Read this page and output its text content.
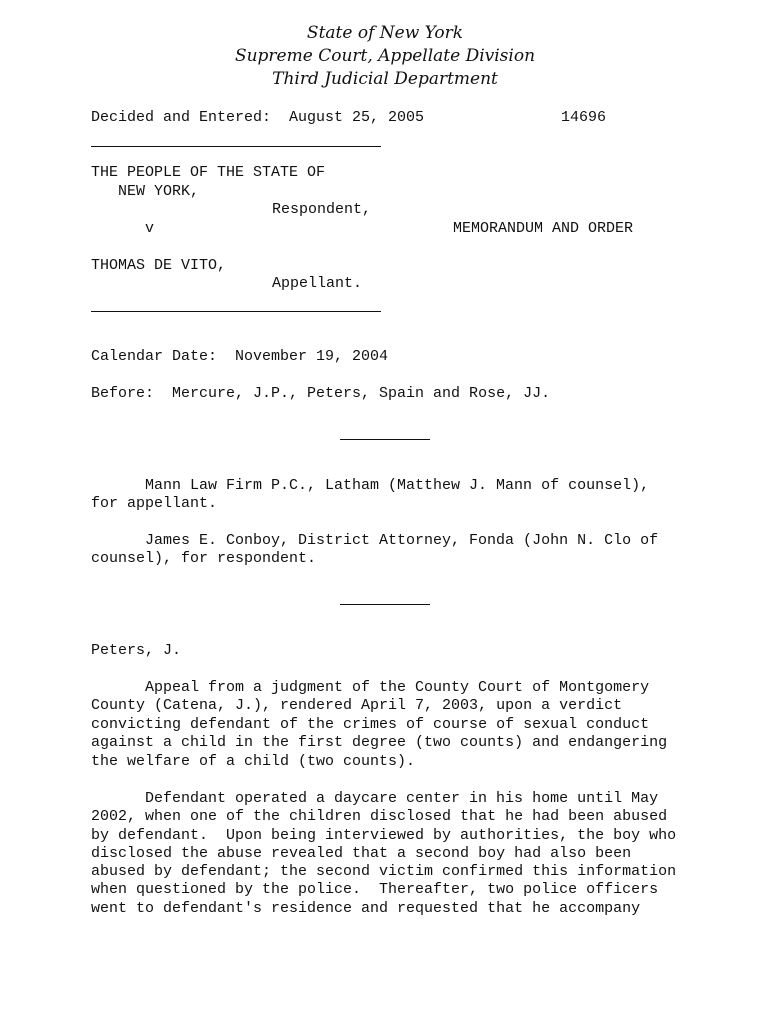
State of New York
Supreme Court, Appellate Division
Third Judicial Department
Decided and Entered: August 25, 2005	14696
THE PEOPLE OF THE STATE OF
NEW YORK,
Respondent,
v	MEMORANDUM AND ORDER
THOMAS DE VITO,
Appellant.
Calendar Date: November 19, 2004
Before:  Mercure, J.P., Peters, Spain and Rose, JJ.
Mann Law Firm P.C., Latham (Matthew J. Mann of counsel),
for appellant.
James E. Conboy, District Attorney, Fonda (John N. Clo of
counsel), for respondent.
Peters, J.
Appeal from a judgment of the County Court of Montgomery
County (Catena, J.), rendered April 7, 2003, upon a verdict
convicting defendant of the crimes of course of sexual conduct
against a child in the first degree (two counts) and endangering
the welfare of a child (two counts).
Defendant operated a daycare center in his home until May
2002, when one of the children disclosed that he had been abused
by defendant.  Upon being interviewed by authorities, the boy who
disclosed the abuse revealed that a second boy had also been
abused by defendant; the second victim confirmed this information
when questioned by the police.  Thereafter, two police officers
went to defendant's residence and requested that he accompany
